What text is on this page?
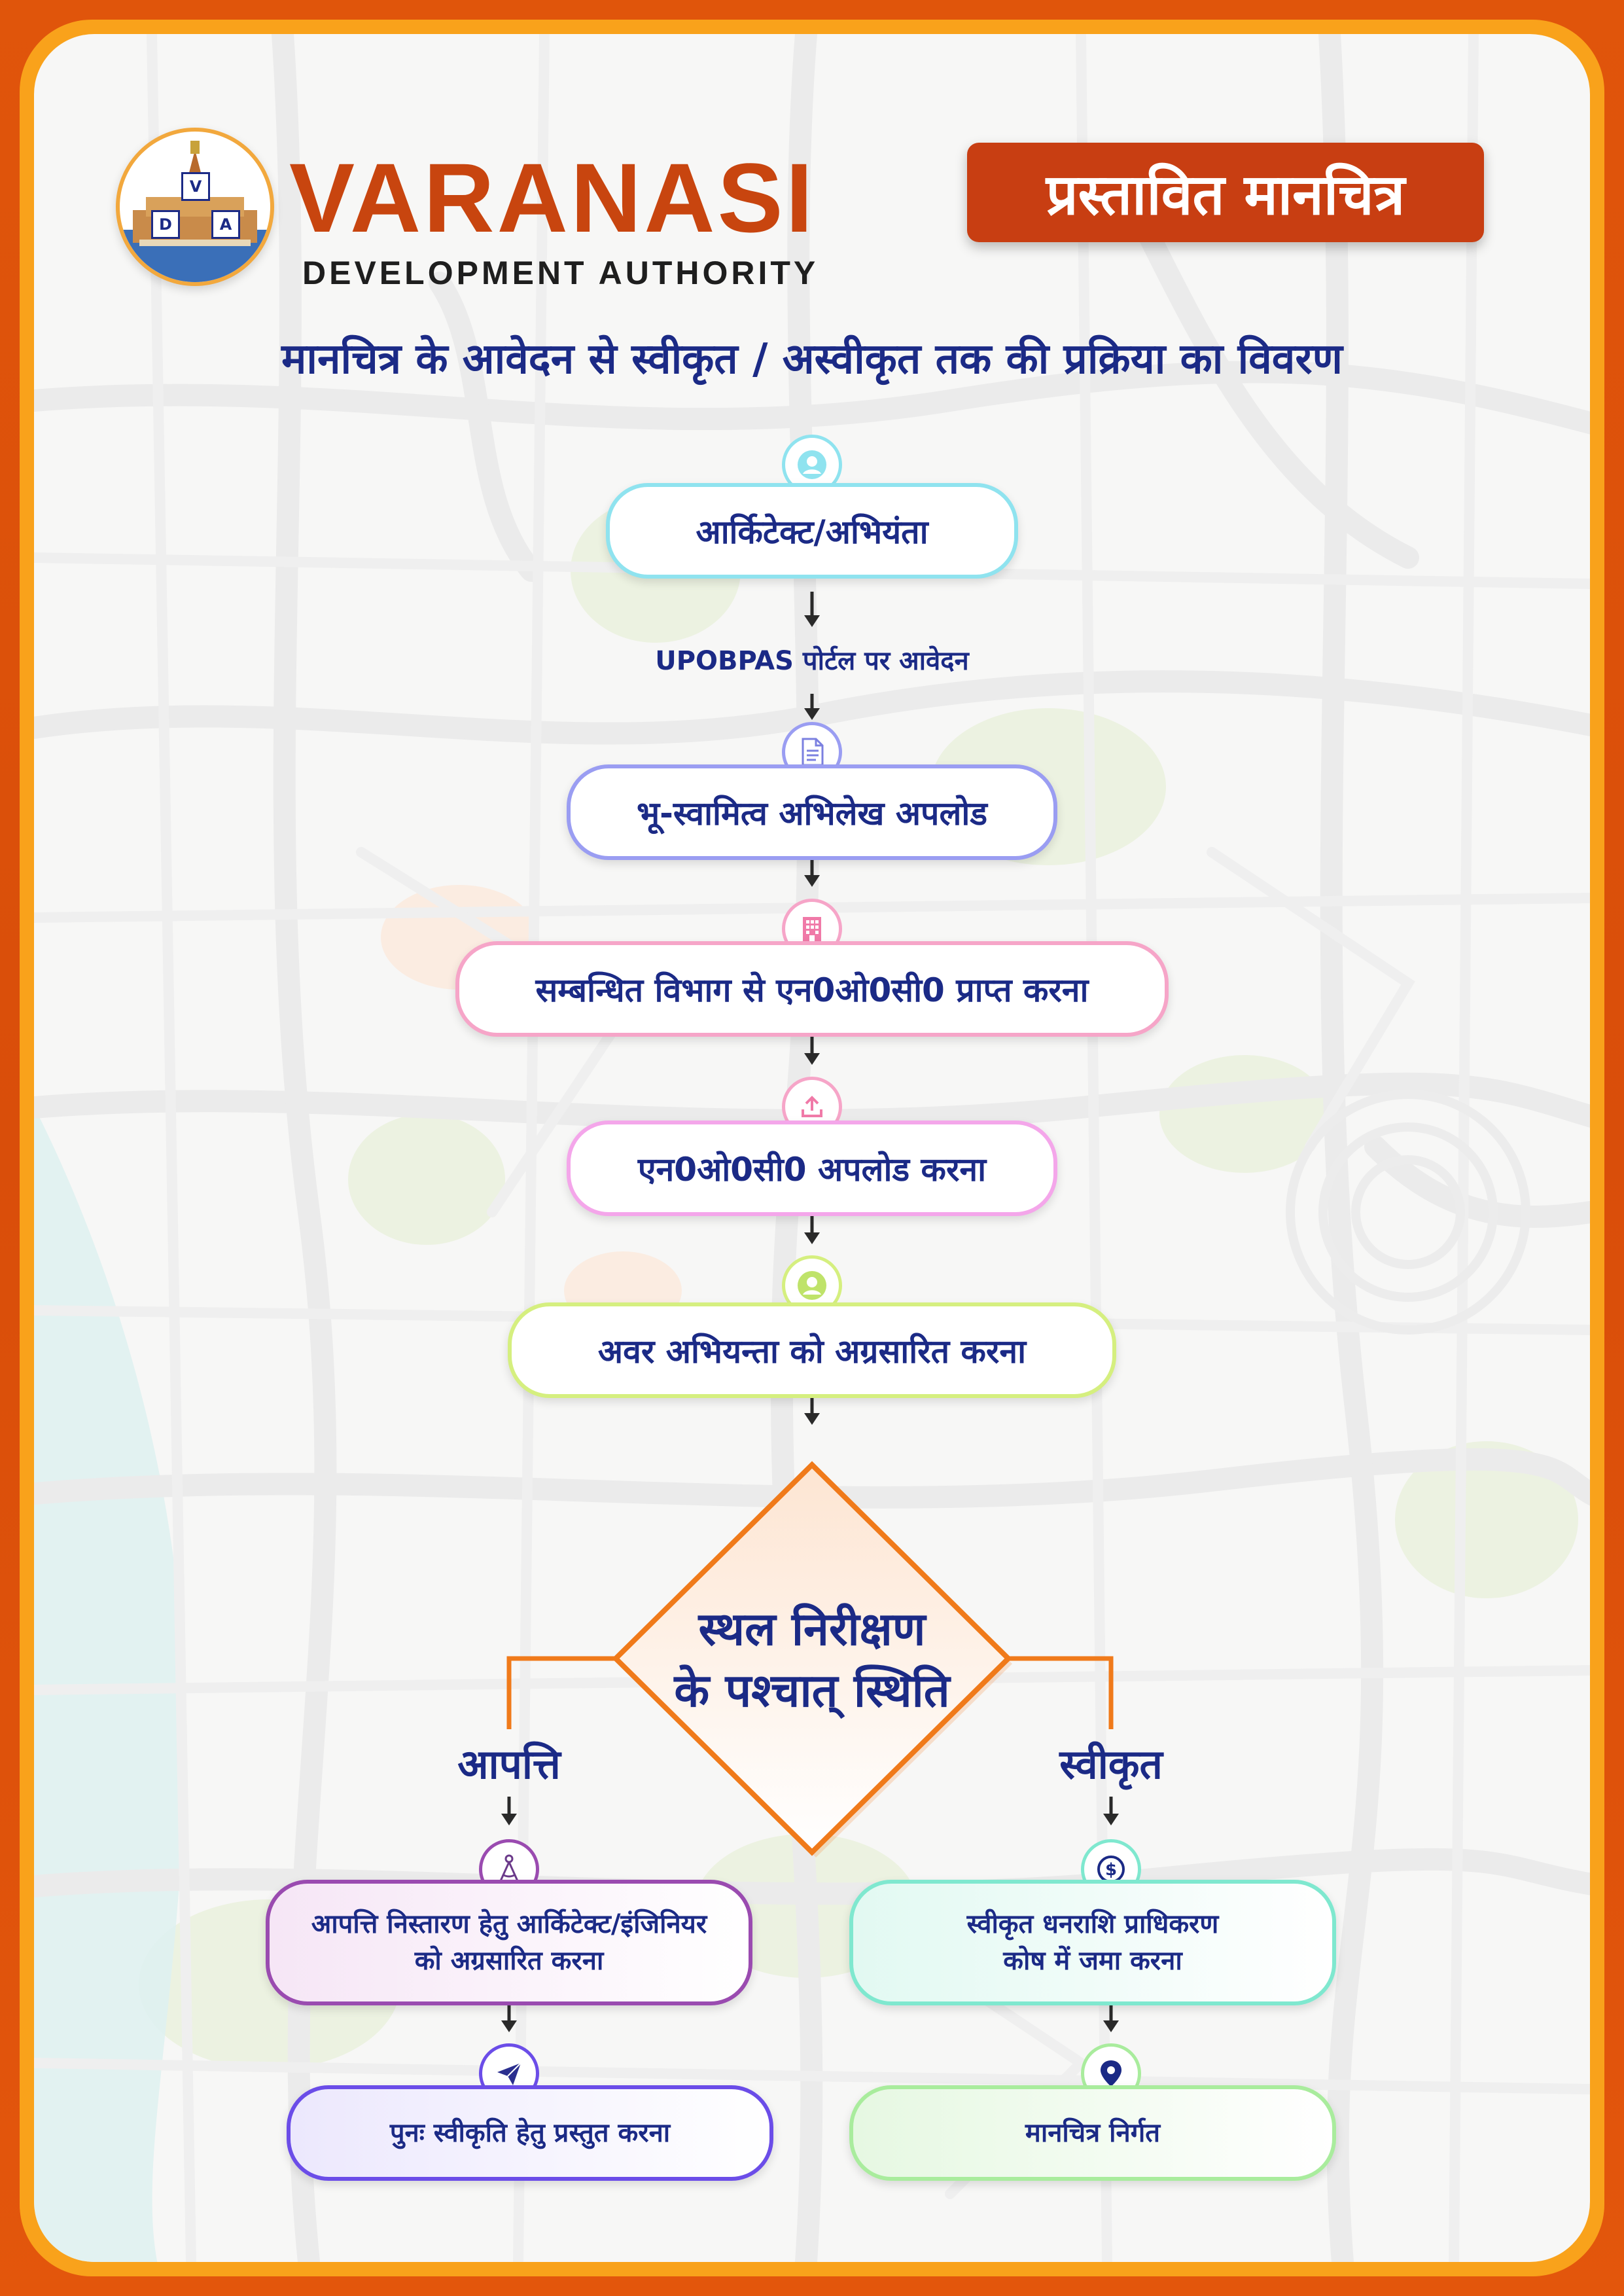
V
D	A VARANASI
DEVELOPMENT AUTHORITY
प्रस्तावित मानचित्र
मानचित्र के आवेदन से स्वीकृत / अस्वीकृत तक की प्रक्रिया का विवरण
आर्किटेक्ट/अभियंता
UPOBPAS पोर्टल पर आवेदन
भू-स्वामित्व अभिलेख अपलोड
सम्बन्धित विभाग से एन0ओ0सी0 प्राप्त करना
एन0ओ0सी0 अपलोड करना
अवर अभियन्ता को अग्रसारित करना
स्थल निरीक्षण
के पश्चात् स्थिति
आपत्ति	स्वीकृत
आपत्ति निस्तारण हेतु आर्किटेक्ट/इंजिनियर
को अग्रसारित करना
पुनः स्वीकृति हेतु प्रस्तुत करना
$
स्वीकृत धनराशि प्राधिकरण
कोष में जमा करना
मानचित्र निर्गत
